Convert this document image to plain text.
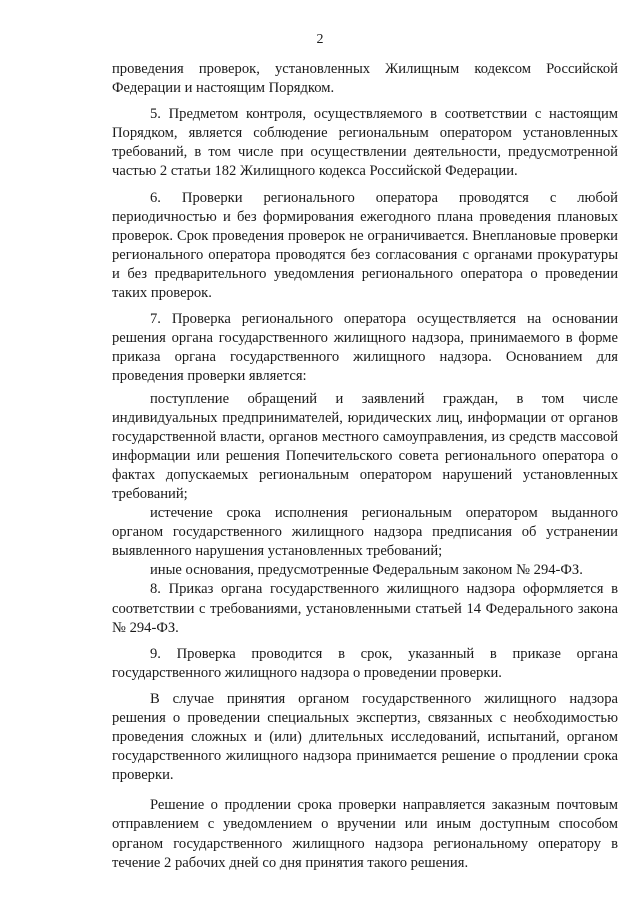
2

проведения проверок, установленных Жилищным кодексом Российской Федерации и настоящим Порядком.

5. Предметом контроля, осуществляемого в соответствии с настоящим Порядком, является соблюдение региональным оператором установленных требований, в том числе при осуществлении деятельности, предусмотренной частью 2 статьи 182 Жилищного кодекса Российской Федерации.

6. Проверки регионального оператора проводятся с любой периодичностью и без формирования ежегодного плана проведения плановых проверок. Срок проведения проверок не ограничивается. Внеплановые проверки регионального оператора проводятся без согласования с органами прокуратуры и без предварительного уведомления регионального оператора о проведении таких проверок.

7. Проверка регионального оператора осуществляется на основании решения органа государственного жилищного надзора, принимаемого в форме приказа органа государственного жилищного надзора. Основанием для проведения проверки является:

поступление обращений и заявлений граждан, в том числе индивидуальных предпринимателей, юридических лиц, информации от органов государственной власти, органов местного самоуправления, из средств массовой информации или решения Попечительского совета регионального оператора о фактах допускаемых региональным оператором нарушений установленных требований;

истечение срока исполнения региональным оператором выданного органом государственного жилищного надзора предписания об устранении выявленного нарушения установленных требований;

иные основания, предусмотренные Федеральным законом № 294-ФЗ.

8. Приказ органа государственного жилищного надзора оформляется в соответствии с требованиями, установленными статьей 14 Федерального закона № 294-ФЗ.

9. Проверка проводится в срок, указанный в приказе органа государственного жилищного надзора о проведении проверки.

В случае принятия органом государственного жилищного надзора решения о проведении специальных экспертиз, связанных с необходимостью проведения сложных и (или) длительных исследований, испытаний, органом государственного жилищного надзора принимается решение о продлении срока проверки.

Решение о продлении срока проверки направляется заказным почтовым отправлением с уведомлением о вручении или иным доступным способом органом государственного жилищного надзора региональному оператору в течение 2 рабочих дней со дня принятия такого решения.
